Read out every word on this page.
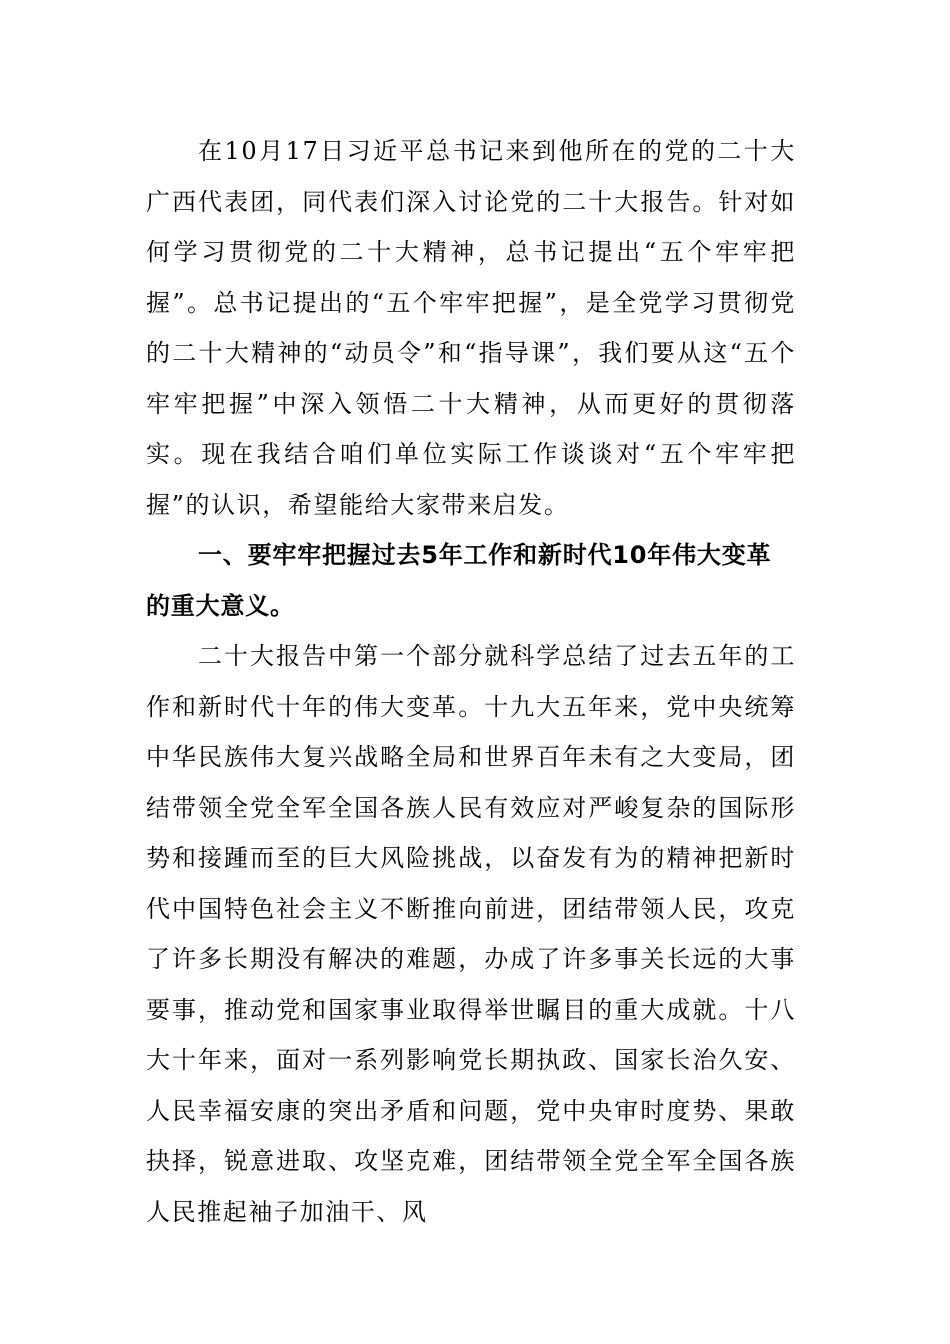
在10月17日习近平总书记来到他所在的党的二十大广西代表团，同代表们深入讨论党的二十大报告。针对如何学习贯彻党的二十大精神，总书记提出“五个牢牢把握”。总书记提出的“五个牢牢把握”，是全党学习贯彻党的二十大精神的“动员令”和“指导课”，我们要从这“五个牢牢把握”中深入领悟二十大精神，从而更好的贯彻落实。现在我结合咱们单位实际工作谈谈对“五个牢牢把握”的认识，希望能给大家带来启发。

一、要牢牢把握过去5年工作和新时代10年伟大变革的重大意义。

二十大报告中第一个部分就科学总结了过去五年的工作和新时代十年的伟大变革。十九大五年来，党中央统筹中华民族伟大复兴战略全局和世界百年未有之大变局，团结带领全党全军全国各族人民有效应对严峻复杂的国际形势和接踵而至的巨大风险挑战，以奋发有为的精神把新时代中国特色社会主义不断推向前进，团结带领人民，攻克了许多长期没有解决的难题，办成了许多事关长远的大事要事，推动党和国家事业取得举世瞩目的重大成就。十八大十年来，面对一系列影响党长期执政、国家长治久安、人民幸福安康的突出矛盾和问题，党中央审时度势、果敢抉择，锐意进取、攻坚克难，团结带领全党全军全国各族人民推起袖子加油干、风
